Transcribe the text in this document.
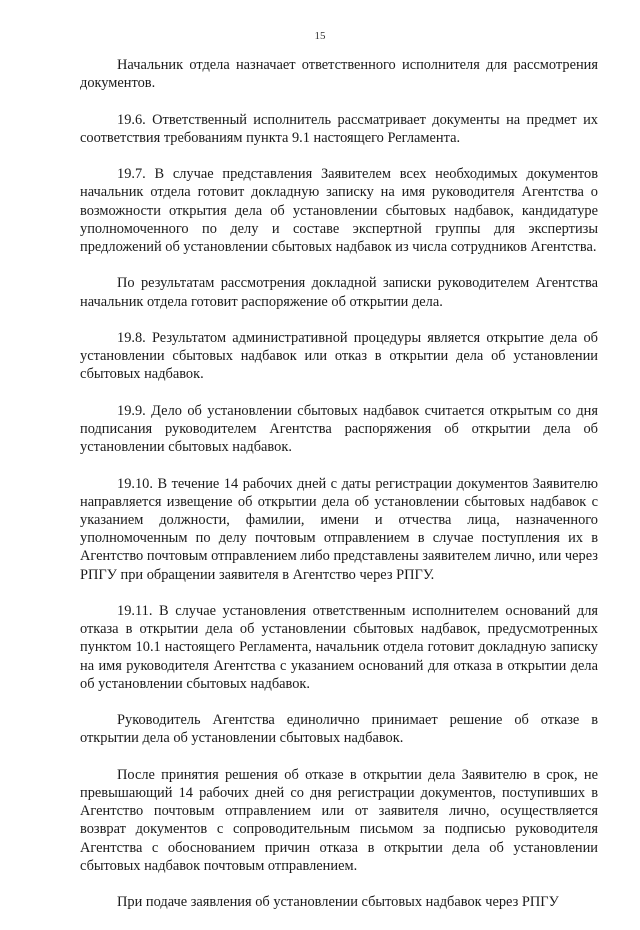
15

Начальник отдела назначает ответственного исполнителя для рассмотрения документов.

19.6. Ответственный исполнитель рассматривает документы на предмет их соответствия требованиям пункта 9.1 настоящего Регламента.

19.7. В случае представления Заявителем всех необходимых документов начальник отдела готовит докладную записку на имя руководителя Агентства о возможности открытия дела об установлении сбытовых надбавок, кандидатуре уполномоченного по делу и составе экспертной группы для экспертизы предложений об установлении сбытовых надбавок из числа сотрудников Агентства.

По результатам рассмотрения докладной записки руководителем Агентства начальник отдела готовит распоряжение об открытии дела.

19.8. Результатом административной процедуры является открытие дела об установлении сбытовых надбавок или отказ в открытии дела об установлении сбытовых надбавок.

19.9. Дело об установлении сбытовых надбавок считается открытым со дня подписания руководителем Агентства распоряжения об открытии дела об установлении сбытовых надбавок.

19.10. В течение 14 рабочих дней с даты регистрации документов Заявителю направляется извещение об открытии дела об установлении сбытовых надбавок с указанием должности, фамилии, имени и отчества лица, назначенного уполномоченным по делу почтовым отправлением в случае поступления их в Агентство почтовым отправлением либо представлены заявителем лично, или через РПГУ при обращении заявителя в Агентство через РПГУ.

19.11. В случае установления ответственным исполнителем оснований для отказа в открытии дела об установлении сбытовых надбавок, предусмотренных пунктом 10.1 настоящего Регламента, начальник отдела готовит докладную записку на имя руководителя Агентства с указанием оснований для отказа в открытии дела об установлении сбытовых надбавок.

Руководитель Агентства единолично принимает решение об отказе в открытии дела об установлении сбытовых надбавок.

После принятия решения об отказе в открытии дела Заявителю в срок, не превышающий 14 рабочих дней со дня регистрации документов, поступивших в Агентство почтовым отправлением или от заявителя лично, осуществляется возврат документов с сопроводительным письмом за подписью руководителя Агентства с обоснованием причин отказа в открытии дела об установлении сбытовых надбавок почтовым отправлением.

При подаче заявления об установлении сбытовых надбавок через РПГУ
